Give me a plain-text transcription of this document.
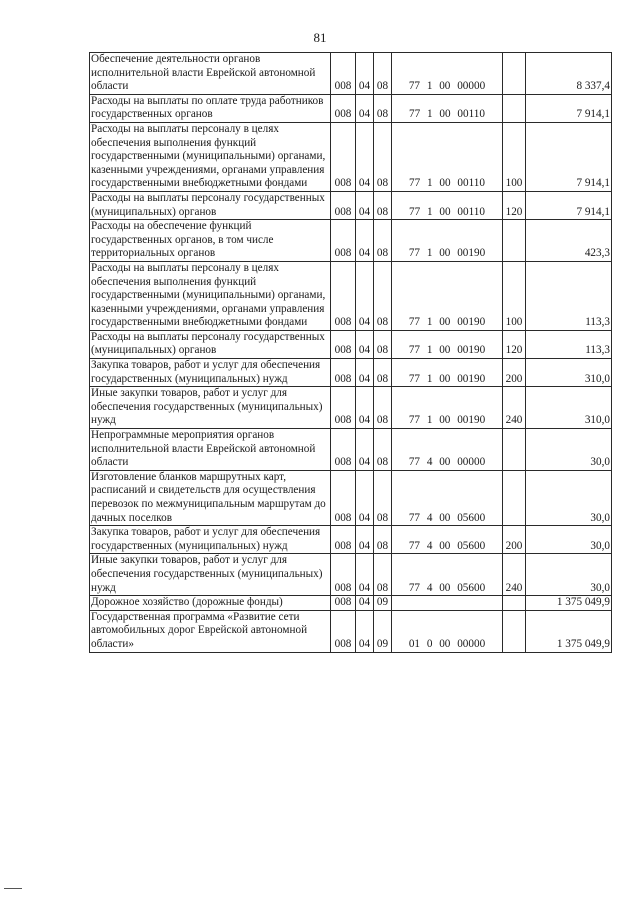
81
Обеспечение деятельности органов исполнительной власти Еврейской автономной области	008	04	08	77 1 00 00000		8 337,4
Расходы на выплаты по оплате труда работников государственных органов	008	04	08	77 1 00 00110		7 914,1
Расходы на выплаты персоналу в целях обеспечения выполнения функций государственными (муниципальными) органами, казенными учреждениями, органами управления государственными внебюджетными фондами	008	04	08	77 1 00 00110	100	7 914,1
Расходы на выплаты персоналу государственных (муниципальных) органов	008	04	08	77 1 00 00110	120	7 914,1
Расходы на обеспечение функций государственных органов, в том числе территориальных органов	008	04	08	77 1 00 00190		423,3
Расходы на выплаты персоналу в целях обеспечения выполнения функций государственными (муниципальными) органами, казенными учреждениями, органами управления государственными внебюджетными фондами	008	04	08	77 1 00 00190	100	113,3
Расходы на выплаты персоналу государственных (муниципальных) органов	008	04	08	77 1 00 00190	120	113,3
Закупка товаров, работ и услуг для обеспечения государственных (муниципальных) нужд	008	04	08	77 1 00 00190	200	310,0
Иные закупки товаров, работ и услуг для обеспечения государственных (муниципальных) нужд	008	04	08	77 1 00 00190	240	310,0
Непрограммные мероприятия органов исполнительной власти Еврейской автономной области	008	04	08	77 4 00 00000		30,0
Изготовление бланков маршрутных карт, расписаний и свидетельств для осуществления перевозок по межмуниципальным маршрутам до дачных поселков	008	04	08	77 4 00 05600		30,0
Закупка товаров, работ и услуг для обеспечения государственных (муниципальных) нужд	008	04	08	77 4 00 05600	200	30,0
Иные закупки товаров, работ и услуг для обеспечения государственных (муниципальных) нужд	008	04	08	77 4 00 05600	240	30,0
Дорожное хозяйство (дорожные фонды)	008	04	09			1 375 049,9
Государственная программа «Развитие сети автомобильных дорог Еврейской автономной области»	008	04	09	01 0 00 00000		1 375 049,9
